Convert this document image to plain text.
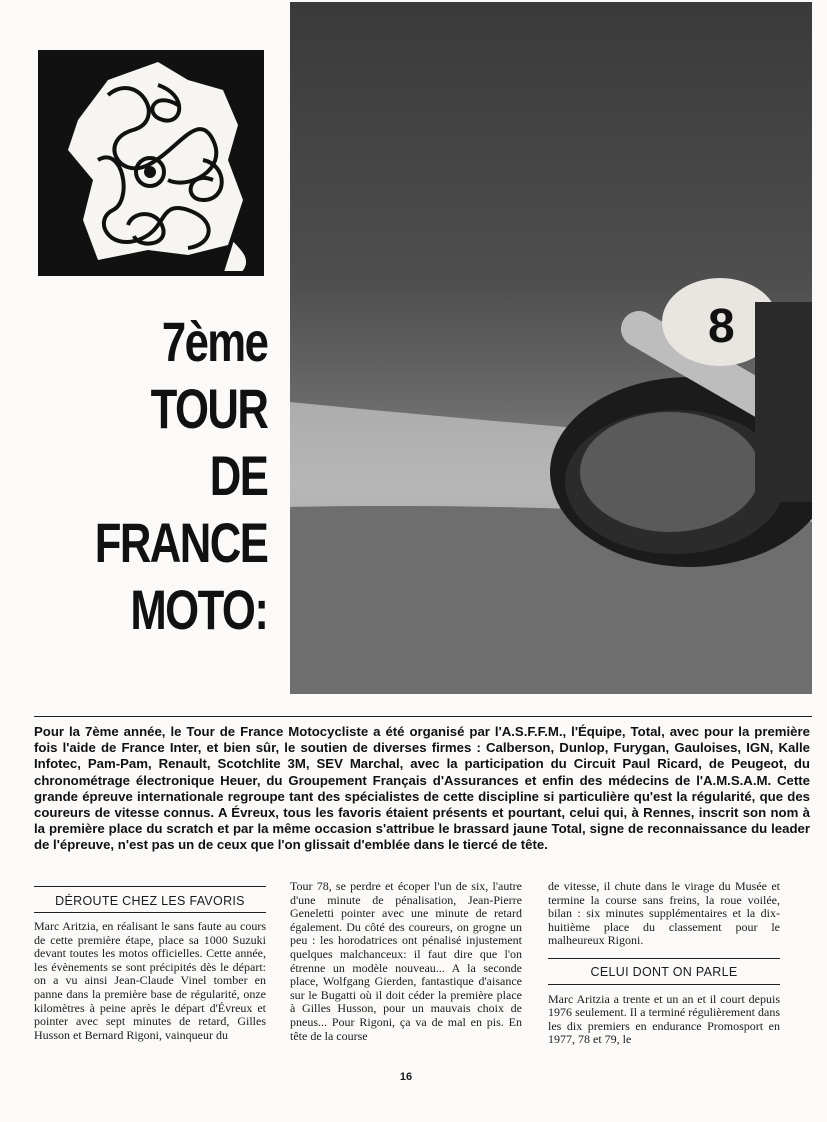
8
7ème
TOUR
DE
FRANCE
MOTO:
Pour la 7ème année, le Tour de France Motocycliste a été organisé par l'A.S.F.F.M., l'Équipe, Total, avec pour la première fois l'aide de France Inter, et bien sûr, le soutien de diverses firmes : Calberson, Dunlop, Furygan, Gauloises, IGN, Kalle Infotec, Pam-Pam, Renault, Scotchlite 3M, SEV Marchal, avec la participation du Circuit Paul Ricard, de Peugeot, du chronométrage électronique Heuer, du Groupement Français d'Assurances et enfin des médecins de l'A.M.S.A.M. Cette grande épreuve internationale regroupe tant des spécialistes de cette discipline si particulière qu'est la régularité, que des coureurs de vitesse connus. A Évreux, tous les favoris étaient présents et pourtant, celui qui, à Rennes, inscrit son nom à la première place du scratch et par la même occasion s'attribue le brassard jaune Total, signe de reconnaissance du leader de l'épreuve, n'est pas un de ceux que l'on glissait d'emblée dans le tiercé de tête.
DÉROUTE CHEZ LES FAVORIS
Marc Aritzia, en réalisant le sans faute au cours de cette première étape, place sa 1000 Suzuki devant toutes les motos officielles. Cette année, les évènements se sont précipités dès le départ: on a vu ainsi Jean-Claude Vinel tomber en panne dans la première base de régularité, onze kilomètres à peine après le départ d'Évreux et pointer avec sept minutes de retard, Gilles Husson et Bernard Rigoni, vainqueur du
Tour 78, se perdre et écoper l'un de six, l'autre d'une minute de pénalisation, Jean-Pierre Geneletti pointer avec une minute de retard également. Du côté des coureurs, on grogne un peu : les horodatrices ont pénalisé injustement quelques malchanceux: il faut dire que l'on étrenne un modèle nouveau... A la seconde place, Wolfgang Gierden, fantastique d'aisance sur le Bugatti où il doit céder la première place à Gilles Husson, pour un mauvais choix de pneus... Pour Rigoni, ça va de mal en pis. En tête de la course
de vitesse, il chute dans le virage du Musée et termine la course sans freins, la roue voilée, bilan : six minutes supplémentaires et la dix-huitième place du classement pour le malheureux Rigoni.
CELUI DONT ON PARLE
Marc Aritzia a trente et un an et il court depuis 1976 seulement. Il a terminé régulièrement dans les dix premiers en endurance Promosport en 1977, 78 et 79, le
16
